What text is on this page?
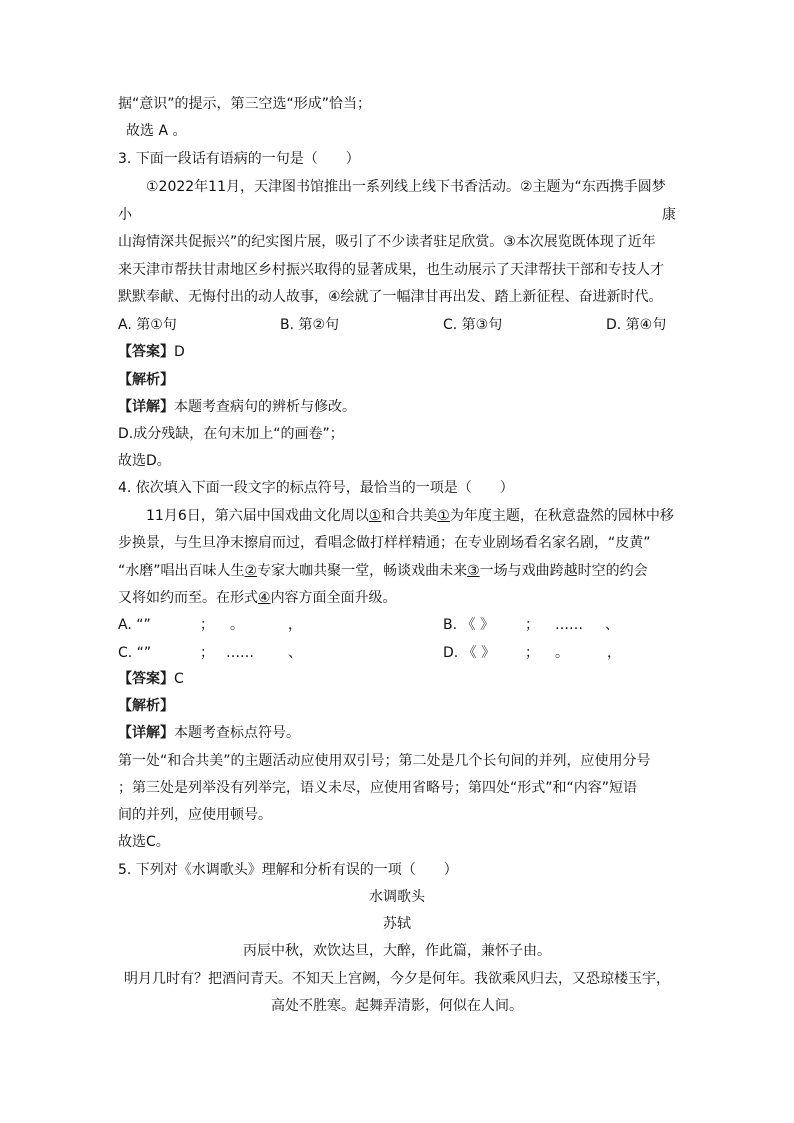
据“意识”的提示，第三空选“形成”恰当；
故选 A 。
3. 下面一段话有语病的一句是（　　）
①2022年11月，天津图书馆推出一系列线上线下书香活动。②主题为“东西携手圆梦
小	康
山海情深共促振兴”的纪实图片展，吸引了不少读者驻足欣赏。③本次展览既体现了近年
来天津市帮扶甘肃地区乡村振兴取得的显著成果，也生动展示了天津帮扶干部和专技人才
默默奉献、无悔付出的动人故事，④绘就了一幅津甘再出发、踏上新征程、奋进新时代。
A. 第①句	B. 第②句	C. 第③句	D. 第④句
【答案】D
【解析】
【详解】本题考查病句的辨析与修改。
D.成分残缺，在句末加上“的画卷”；
故选D。
4. 依次填入下面一段文字的标点符号，最恰当的一项是（　　）
11月6日，第六届中国戏曲文化周以①和合共美①为年度主题，在秋意盎然的园林中移
步换景，与生旦净末擦肩而过，看唱念做打样样精通；在专业剧场看名家名剧，“皮黄”
“水磨”唱出百味人生②专家大咖共聚一堂，畅谈戏曲未来③一场与戏曲跨越时空的约会
又将如约而至。在形式④内容方面全面升级。
A. “”	； 。	，	B. 《 》 ； …… 、
C. “”	； …… 、	D. 《 》 ； 。	，
【答案】C
【解析】
【详解】本题考查标点符号。
第一处“和合共美”的主题活动应使用双引号；第二处是几个长句间的并列，应使用分号
；第三处是列举没有列举完，语义未尽，应使用省略号；第四处“形式”和“内容”短语
间的并列，应使用顿号。
故选C。
5. 下列对《水调歌头》理解和分析有误的一项（　　）
水调歌头
苏轼
丙辰中秋，欢饮达旦，大醉，作此篇，兼怀子由。
明月几时有？把酒问青天。不知天上宫阙，今夕是何年。我欲乘风归去，又恐琼楼玉宇，
高处不胜寒。起舞弄清影，何似在人间。
